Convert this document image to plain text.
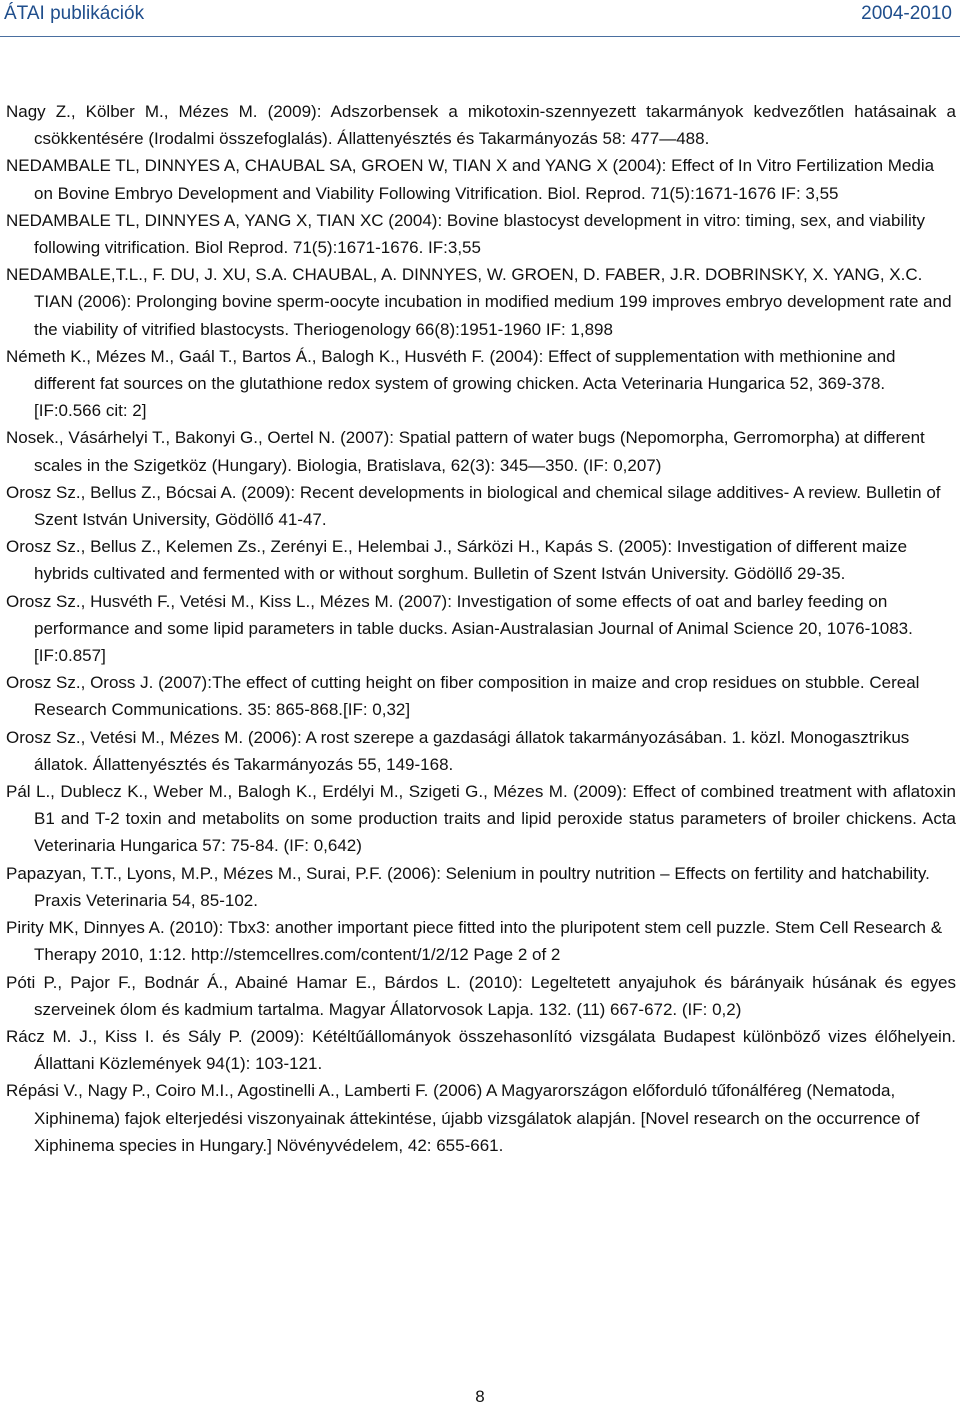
ÁTAI publikációk	2004-2010

Nagy Z., Kölber M., Mézes M. (2009): Adszorbensek a mikotoxin-szennyezett takarmányok kedvezőtlen hatásainak a csökkentésére (Irodalmi összefoglalás). Állattenyésztés és Takarmányozás 58: 477—488.

NEDAMBALE TL, DINNYES A, CHAUBAL SA, GROEN W, TIAN X and YANG X (2004): Effect of In Vitro Fertilization Media on Bovine Embryo Development and Viability Following Vitrification. Biol. Reprod. 71(5):1671-1676 IF: 3,55

NEDAMBALE TL, DINNYES A, YANG X, TIAN XC (2004): Bovine blastocyst development in vitro: timing, sex, and viability following vitrification. Biol Reprod. 71(5):1671-1676. IF:3,55

NEDAMBALE,T.L., F. DU, J. XU, S.A. CHAUBAL, A. DINNYES, W. GROEN, D. FABER, J.R. DOBRINSKY, X. YANG, X.C. TIAN (2006): Prolonging bovine sperm-oocyte incubation in modified medium 199 improves embryo development rate and the viability of vitrified blastocysts. Theriogenology 66(8):1951-1960 IF: 1,898

Németh K., Mézes M., Gaál T., Bartos Á., Balogh K., Husvéth F. (2004): Effect of supplementation with methionine and different fat sources on the glutathione redox system of growing chicken. Acta Veterinaria Hungarica 52, 369-378. [IF:0.566 cit: 2]

Nosek., Vásárhelyi T., Bakonyi G., Oertel N. (2007): Spatial pattern of water bugs (Nepomorpha, Gerromorpha) at different scales in the Szigetköz (Hungary). Biologia, Bratislava, 62(3): 345—350. (IF: 0,207)

Orosz Sz., Bellus Z., Bócsai A. (2009): Recent developments in biological and chemical silage additives- A review. Bulletin of Szent István University, Gödöllő 41-47.

Orosz Sz., Bellus Z., Kelemen Zs., Zerényi E., Helembai J., Sárközi H., Kapás S. (2005): Investigation of different maize hybrids cultivated and fermented with or without sorghum. Bulletin of Szent István University. Gödöllő 29-35.

Orosz Sz., Husvéth F., Vetési M., Kiss L., Mézes M. (2007): Investigation of some effects of oat and barley feeding on performance and some lipid parameters in table ducks. Asian-Australasian Journal of Animal Science 20, 1076-1083. [IF:0.857]

Orosz Sz., Oross J. (2007):The effect of cutting height on fiber composition in maize and crop residues on stubble. Cereal Research Communications. 35: 865-868.[IF: 0,32]

Orosz Sz., Vetési M., Mézes M. (2006): A rost szerepe a gazdasági állatok takarmányozásában. 1. közl. Monogasztrikus állatok. Állattenyésztés és Takarmányozás 55, 149-168.

Pál L., Dublecz K., Weber M., Balogh K., Erdélyi M., Szigeti G., Mézes M. (2009): Effect of combined treatment with aflatoxin B1 and T-2 toxin and metabolits on some production traits and lipid peroxide status parameters of broiler chickens. Acta Veterinaria Hungarica 57: 75-84. (IF: 0,642)

Papazyan, T.T., Lyons, M.P., Mézes M., Surai, P.F. (2006): Selenium in poultry nutrition – Effects on fertility and hatchability. Praxis Veterinaria 54, 85-102.

Pirity MK, Dinnyes A. (2010): Tbx3: another important piece fitted into the pluripotent stem cell puzzle. Stem Cell Research & Therapy 2010, 1:12. http://stemcellres.com/content/1/2/12 Page 2 of 2

Póti P., Pajor F., Bodnár Á., Abainé Hamar E., Bárdos L. (2010): Legeltetett anyajuhok és bárányaik húsának és egyes szerveinek ólom és kadmium tartalma. Magyar Állatorvosok Lapja. 132. (11) 667-672. (IF: 0,2)

Rácz M. J., Kiss I. és Sály P. (2009): Kétéltűállományok összehasonlító vizsgálata Budapest különböző vizes élőhelyein. Állattani Közlemények 94(1): 103-121.

Répási V., Nagy P., Coiro M.I., Agostinelli A., Lamberti F. (2006) A Magyarországon előforduló tűfonálféreg (Nematoda, Xiphinema) fajok elterjedési viszonyainak áttekintése, újabb vizsgálatok alapján. [Novel research on the occurrence of Xiphinema species in Hungary.] Növényvédelem, 42: 655-661.

8
